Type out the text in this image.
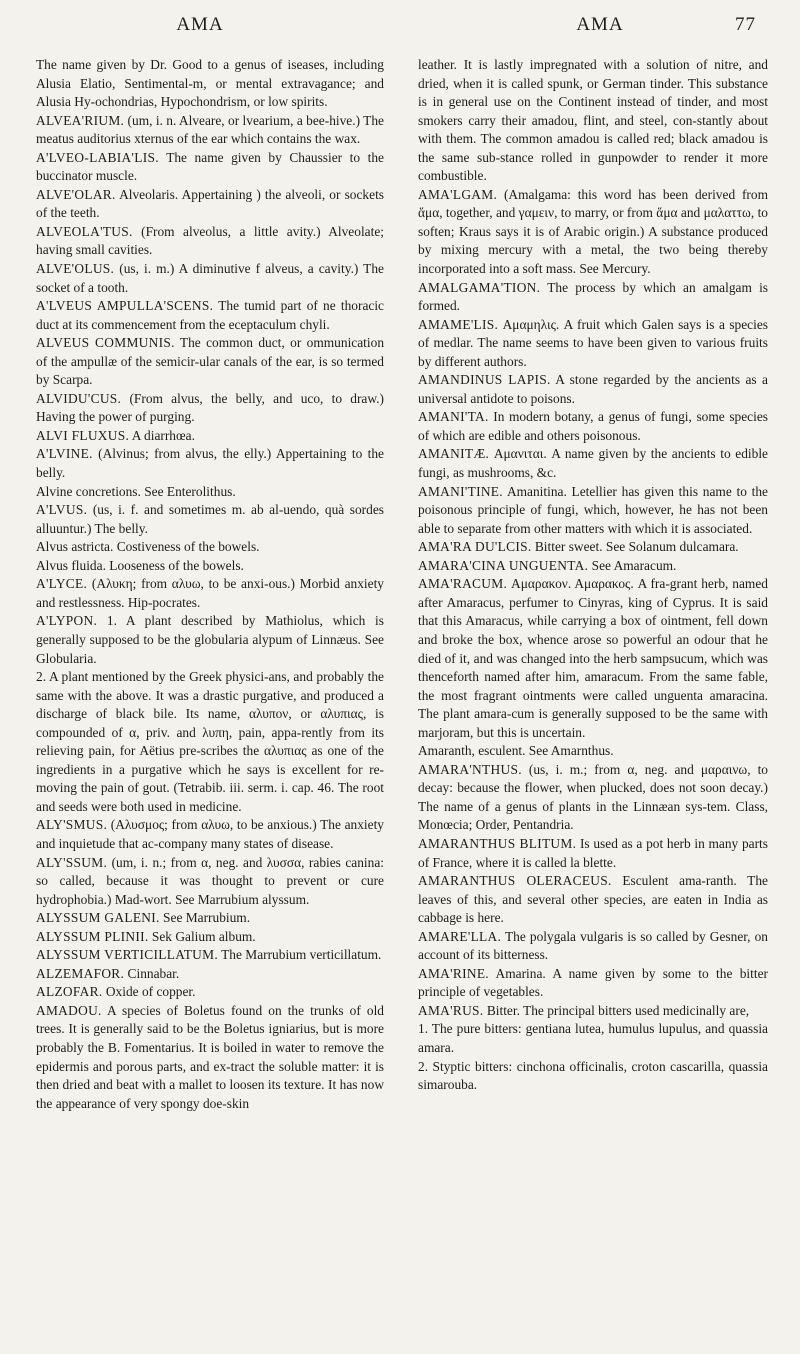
AMA	AMA	77

The name given by Dr. Good to a genus of iseases, including Alusia Elatio, Sentimental-m, or mental extravagance; and Alusia Hy-ochondrias, Hypochondrism, or low spirits.

ALVEA'RIUM. (um, i. n. Alveare, or lvearium, a bee-hive.) The meatus auditorius xternus of the ear which contains the wax.

A'LVEO-LABIA'LIS. The name given by Chaussier to the buccinator muscle.

ALVE'OLAR. Alveolaris. Appertaining ) the alveoli, or sockets of the teeth.

ALVEOLA'TUS. (From alveolus, a little avity.) Alveolate; having small cavities.

ALVE'OLUS. (us, i. m.) A diminutive f alveus, a cavity.) The socket of a tooth.

A'LVEUS AMPULLA'SCENS. The tumid part of ne thoracic duct at its commencement from the eceptaculum chyli.

ALVEUS COMMUNIS. The common duct, or ommunication of the ampullæ of the semicir-ular canals of the ear, is so termed by Scarpa.

ALVIDU'CUS. (From alvus, the belly, and uco, to draw.) Having the power of purging.

ALVI FLUXUS. A diarrhœa.

A'LVINE. (Alvinus; from alvus, the elly.) Appertaining to the belly.

Alvine concretions. See Enterolithus.

A'LVUS. (us, i. f. and sometimes m. ab al-uendo, quà sordes alluuntur.) The belly.

Alvus astricta. Costiveness of the bowels.

Alvus fluida. Looseness of the bowels.

A'LYCE. (Αλυκη; from αλυω, to be anxi-ous.) Morbid anxiety and restlessness. Hip-pocrates.

A'LYPON. 1. A plant described by Mathiolus, which is generally supposed to be the globularia alypum of Linnæus. See Globularia.

2. A plant mentioned by the Greek physici-ans, and probably the same with the above. It was a drastic purgative, and produced a discharge of black bile. Its name, αλυπον, or αλυπιας, is compounded of α, priv. and λυπη, pain, appa-rently from its relieving pain, for Aëtius pre-scribes the αλυπιας as one of the ingredients in a purgative which he says is excellent for re-moving the pain of gout. (Tetrabib. iii. serm. i. cap. 46. The root and seeds were both used in medicine.

ALY'SMUS. (Αλυσμος; from αλυω, to be anxious.) The anxiety and inquietude that ac-company many states of disease.

ALY'SSUM. (um, i. n.; from α, neg. and λυσσα, rabies canina: so called, because it was thought to prevent or cure hydrophobia.) Mad-wort. See Marrubium alyssum.

ALYSSUM GALENI. See Marrubium.

ALYSSUM PLINII. Sek Galium album.

ALYSSUM VERTICILLATUM. The Marrubium verticillatum.

ALZEMAFOR. Cinnabar.

ALZOFAR. Oxide of copper.

AMADOU. A species of Boletus found on the trunks of old trees. It is generally said to be the Boletus igniarius, but is more probably the B. Fomentarius. It is boiled in water to remove the epidermis and porous parts, and ex-tract the soluble matter: it is then dried and beat with a mallet to loosen its texture. It has now the appearance of very spongy doe-skin

leather. It is lastly impregnated with a solution of nitre, and dried, when it is called spunk, or German tinder. This substance is in general use on the Continent instead of tinder, and most smokers carry their amadou, flint, and steel, con-stantly about with them. The common amadou is called red; black amadou is the same sub-stance rolled in gunpowder to render it more combustible.

AMA'LGAM. (Amalgama: this word has been derived from ἅμα, together, and γαμειν, to marry, or from ἅμα and μαλαττω, to soften; Kraus says it is of Arabic origin.) A substance produced by mixing mercury with a metal, the two being thereby incorporated into a soft mass. See Mercury.

AMALGAMA'TION. The process by which an amalgam is formed.

AMAME'LIS. Αμαμηλις. A fruit which Galen says is a species of medlar. The name seems to have been given to various fruits by different authors.

AMANDINUS LAPIS. A stone regarded by the ancients as a universal antidote to poisons.

AMANI'TA. In modern botany, a genus of fungi, some species of which are edible and others poisonous.

AMANITÆ. Αμανιται. A name given by the ancients to edible fungi, as mushrooms, &c.

AMANI'TINE. Amanitina. Letellier has given this name to the poisonous principle of fungi, which, however, he has not been able to separate from other matters with which it is associated.

AMA'RA DU'LCIS. Bitter sweet. See Solanum dulcamara.

AMARA'CINA UNGUENTA. See Amaracum.

AMA'RACUM. Αμαρακον. Αμαρακος. A fra-grant herb, named after Amaracus, perfumer to Cinyras, king of Cyprus. It is said that this Amaracus, while carrying a box of ointment, fell down and broke the box, whence arose so powerful an odour that he died of it, and was changed into the herb sampsucum, which was thenceforth named after him, amaracum. From the same fable, the most fragrant ointments were called unguenta amaracina. The plant amara-cum is generally supposed to be the same with marjoram, but this is uncertain.

Amaranth, esculent. See Amarnthus.

AMARA'NTHUS. (us, i. m.; from α, neg. and μαραινω, to decay: because the flower, when plucked, does not soon decay.) The name of a genus of plants in the Linnæan sys-tem. Class, Monœcia; Order, Pentandria.

AMARANTHUS BLITUM. Is used as a pot herb in many parts of France, where it is called la blette.

AMARANTHUS OLERACEUS. Esculent ama-ranth. The leaves of this, and several other species, are eaten in India as cabbage is here.

AMARE'LLA. The polygala vulgaris is so called by Gesner, on account of its bitterness.

AMA'RINE. Amarina. A name given by some to the bitter principle of vegetables.

AMA'RUS. Bitter. The principal bitters used medicinally are,

1. The pure bitters: gentiana lutea, humulus lupulus, and quassia amara.

2. Styptic bitters: cinchona officinalis, croton cascarilla, quassia simarouba.
